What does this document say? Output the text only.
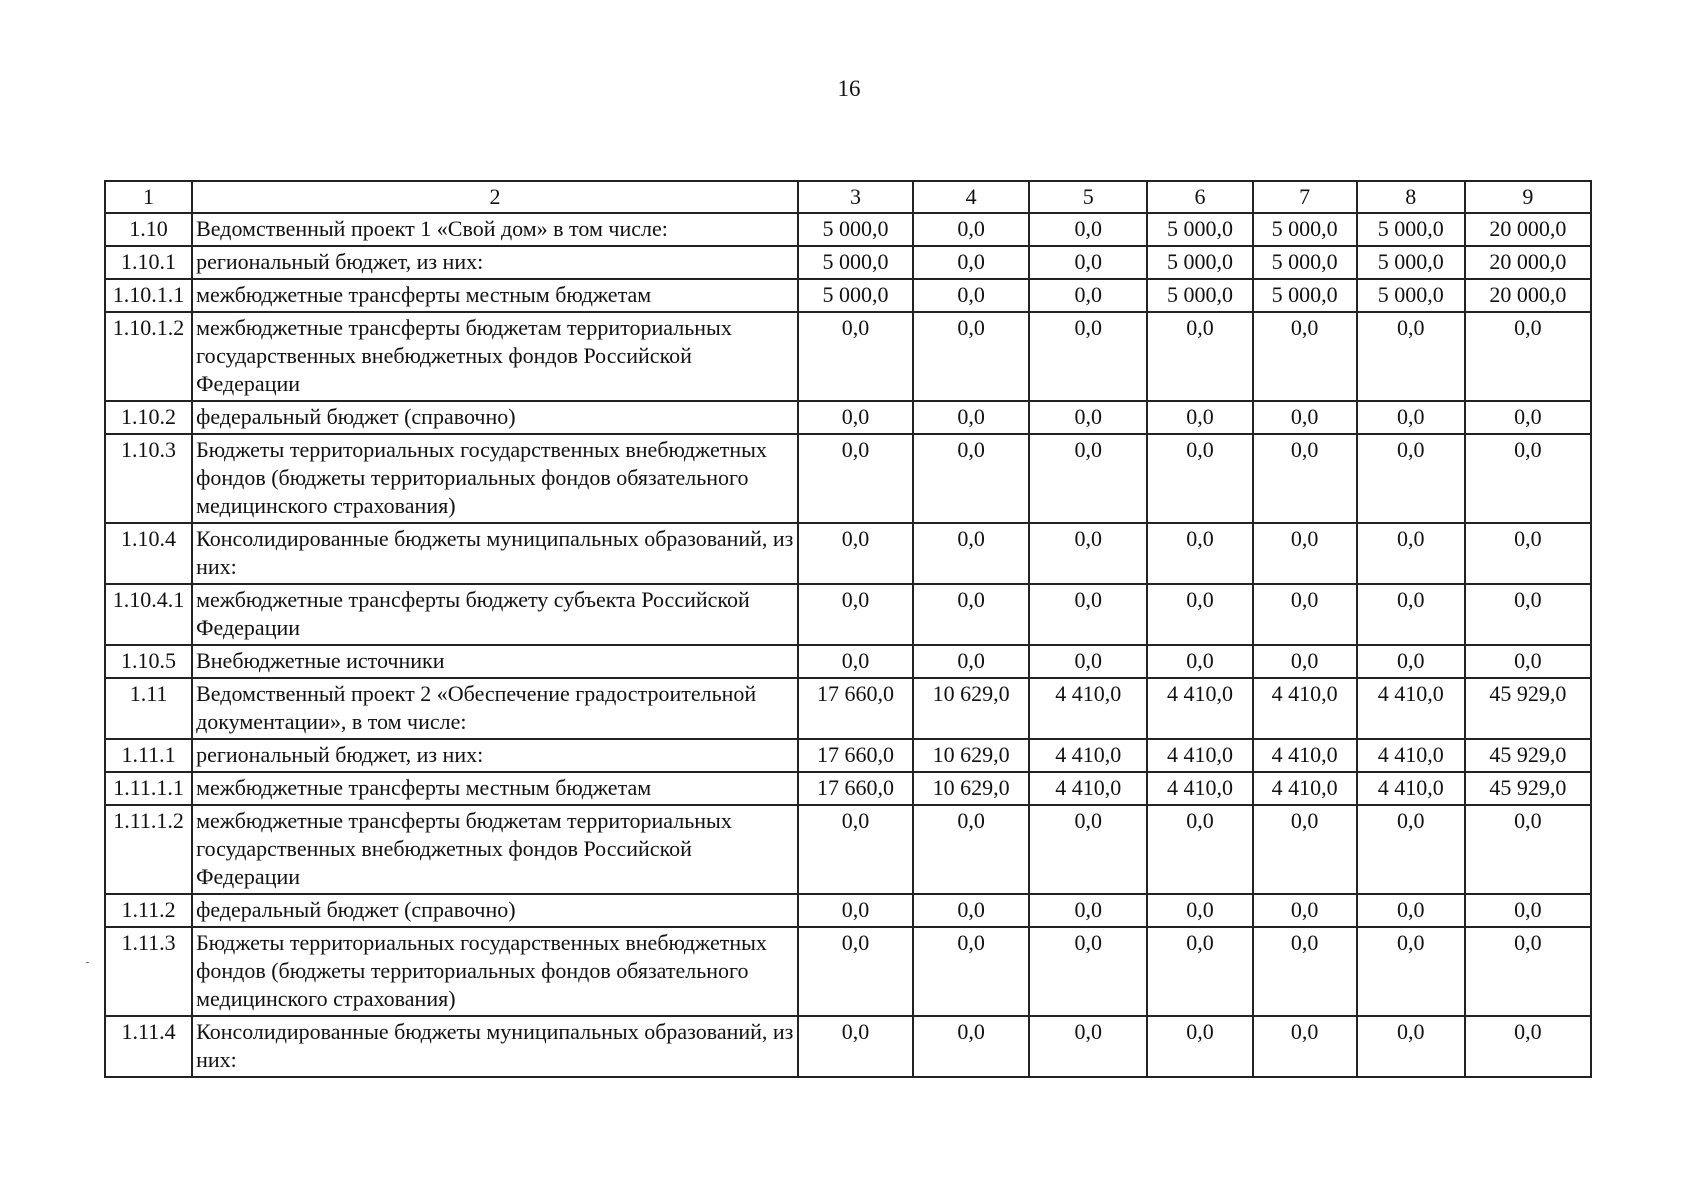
16
1	2	3	4	5	6	7	8	9
1.10	Ведомственный проект 1 «Свой дом» в том числе:	5 000,0	0,0	0,0	5 000,0	5 000,0	5 000,0	20 000,0
1.10.1	региональный бюджет, из них:	5 000,0	0,0	0,0	5 000,0	5 000,0	5 000,0	20 000,0
1.10.1.1	межбюджетные трансферты местным бюджетам	5 000,0	0,0	0,0	5 000,0	5 000,0	5 000,0	20 000,0
1.10.1.2	межбюджетные трансферты бюджетам территориальных государственных внебюджетных фондов Российской Федерации	0,0	0,0	0,0	0,0	0,0	0,0	0,0
1.10.2	федеральный бюджет (справочно)	0,0	0,0	0,0	0,0	0,0	0,0	0,0
1.10.3	Бюджеты территориальных государственных внебюджетных фондов (бюджеты территориальных фондов обязательного медицинского страхования)	0,0	0,0	0,0	0,0	0,0	0,0	0,0
1.10.4	Консолидированные бюджеты муниципальных образований, из них:	0,0	0,0	0,0	0,0	0,0	0,0	0,0
1.10.4.1	межбюджетные трансферты бюджету субъекта Российской Федерации	0,0	0,0	0,0	0,0	0,0	0,0	0,0
1.10.5	Внебюджетные источники	0,0	0,0	0,0	0,0	0,0	0,0	0,0
1.11	Ведомственный проект 2 «Обеспечение градостроительной документации», в том числе:	17 660,0	10 629,0	4 410,0	4 410,0	4 410,0	4 410,0	45 929,0
1.11.1	региональный бюджет, из них:	17 660,0	10 629,0	4 410,0	4 410,0	4 410,0	4 410,0	45 929,0
1.11.1.1	межбюджетные трансферты местным бюджетам	17 660,0	10 629,0	4 410,0	4 410,0	4 410,0	4 410,0	45 929,0
1.11.1.2	межбюджетные трансферты бюджетам территориальных государственных внебюджетных фондов Российской Федерации	0,0	0,0	0,0	0,0	0,0	0,0	0,0
1.11.2	федеральный бюджет (справочно)	0,0	0,0	0,0	0,0	0,0	0,0	0,0
1.11.3	Бюджеты территориальных государственных внебюджетных фондов (бюджеты территориальных фондов обязательного медицинского страхования)	0,0	0,0	0,0	0,0	0,0	0,0	0,0
1.11.4	Консолидированные бюджеты муниципальных образований, из них:	0,0	0,0	0,0	0,0	0,0	0,0	0,0
